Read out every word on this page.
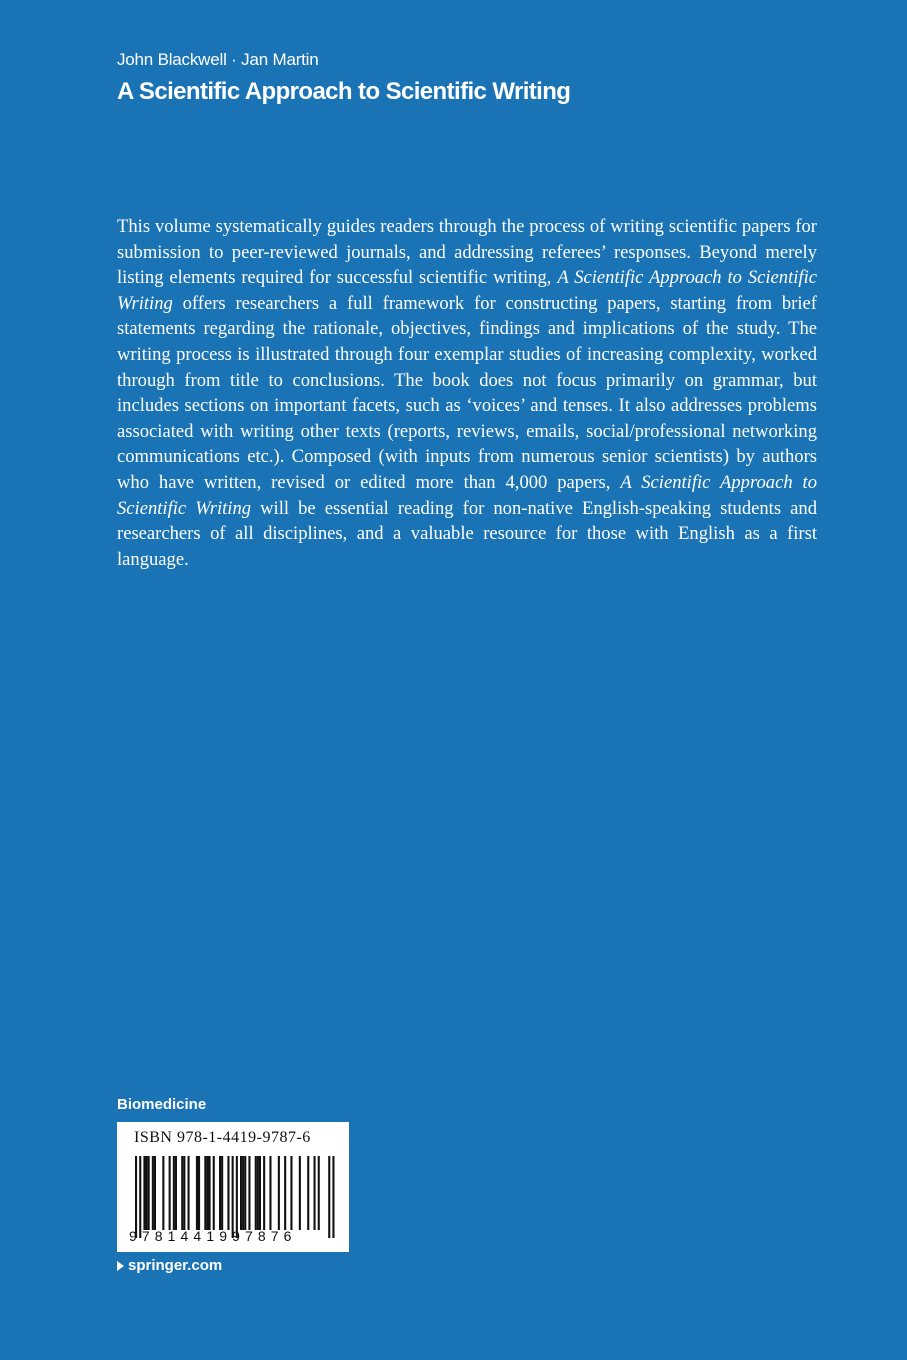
John Blackwell · Jan Martin
A Scientific Approach to Scientific Writing

This volume systematically guides readers through the process of writing scientific papers for submission to peer-reviewed journals, and addressing referees’ responses. Beyond merely listing elements required for successful scientific writing, A Scientific Approach to Scientific Writing offers researchers a full framework for constructing papers, starting from brief statements regarding the rationale, objectives, findings and implications of the study. The writing process is illustrated through four exemplar studies of increasing complexity, worked through from title to conclusions. The book does not focus primarily on grammar, but includes sections on important facets, such as ‘voices’ and tenses. It also addresses problems associated with writing other texts (reports, reviews, emails, social/professional networking communications etc.). Composed (with inputs from numerous senior scientists) by authors who have written, revised or edited more than 4,000 papers, A Scientific Approach to Scientific Writing will be essential reading for non-native English-speaking students and researchers of all disciplines, and a valuable resource for those with English as a first language.

Biomedicine
ISBN 978-1-4419-9787-6
9781441997876
springer.com
